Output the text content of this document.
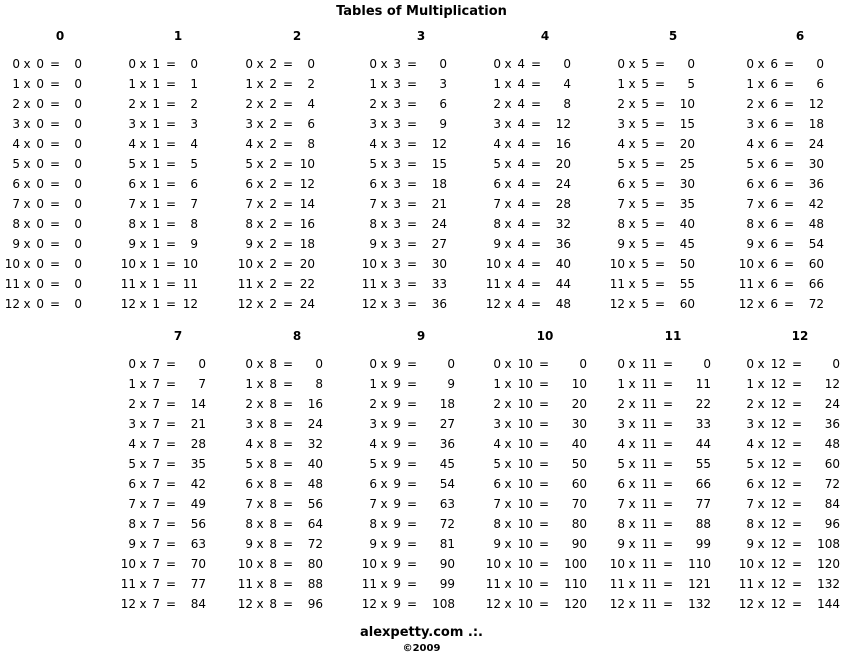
Tables of Multiplication
0
0 x 0 =	0
1 x 0 =	0
2 x 0 =	0
3 x 0 =	0
4 x 0 =	0
5 x 0 =	0
6 x 0 =	0
7 x 0 =	0
8 x 0 =	0
9 x 0 =	0
10 x 0 =	0
11 x 0 =	0
12 x 0 =	0
1
0 x 1 =	0
1 x 1 =	1
2 x 1 =	2
3 x 1 =	3
4 x 1 =	4
5 x 1 =	5
6 x 1 =	6
7 x 1 =	7
8 x 1 =	8
9 x 1 =	9
10 x 1 = 10
11 x 1 = 11
12 x 1 = 12
2
0 x 2 =	0
1 x 2 =	2
2 x 2 =	4
3 x 2 =	6
4 x 2 =	8
5 x 2 = 10
6 x 2 = 12
7 x 2 = 14
8 x 2 = 16
9 x 2 = 18
10 x 2 = 20
11 x 2 = 22
12 x 2 = 24
3
0 x 3 =	0
1 x 3 =	3
2 x 3 =	6
3 x 3 =	9
4 x 3 =	12
5 x 3 =	15
6 x 3 =	18
7 x 3 =	21
8 x 3 =	24
9 x 3 =	27
10 x 3 =	30
11 x 3 =	33
12 x 3 =	36
4
0 x 4 =	0
1 x 4 =	4
2 x 4 =	8
3 x 4 =	12
4 x 4 =	16
5 x 4 =	20
6 x 4 =	24
7 x 4 =	28
8 x 4 =	32
9 x 4 =	36
10 x 4 =	40
11 x 4 =	44
12 x 4 =	48
5
0 x 5 =	0
1 x 5 =	5
2 x 5 =	10
3 x 5 =	15
4 x 5 =	20
5 x 5 =	25
6 x 5 =	30
7 x 5 =	35
8 x 5 =	40
9 x 5 =	45
10 x 5 =	50
11 x 5 =	55
12 x 5 =	60
6
0 x 6 =	0
1 x 6 =	6
2 x 6 =	12
3 x 6 =	18
4 x 6 =	24
5 x 6 =	30
6 x 6 =	36
7 x 6 =	42
8 x 6 =	48
9 x 6 =	54
10 x 6 =	60
11 x 6 =	66
12 x 6 =	72
7
0 x 7 =	0
1 x 7 =	7
2 x 7 =	14
3 x 7 =	21
4 x 7 =	28
5 x 7 =	35
6 x 7 =	42
7 x 7 =	49
8 x 7 =	56
9 x 7 =	63
10 x 7 =	70
11 x 7 =	77
12 x 7 =	84
8
0 x 8 =	0
1 x 8 =	8
2 x 8 =	16
3 x 8 =	24
4 x 8 =	32
5 x 8 =	40
6 x 8 =	48
7 x 8 =	56
8 x 8 =	64
9 x 8 =	72
10 x 8 =	80
11 x 8 =	88
12 x 8 =	96
9
0 x 9 =	0
1 x 9 =	9
2 x 9 =	18
3 x 9 =	27
4 x 9 =	36
5 x 9 =	45
6 x 9 =	54
7 x 9 =	63
8 x 9 =	72
9 x 9 =	81
10 x 9 =	90
11 x 9 =	99
12 x 9 =	108
10
0 x 10 =	0
1 x 10 =	10
2 x 10 =	20
3 x 10 =	30
4 x 10 =	40
5 x 10 =	50
6 x 10 =	60
7 x 10 =	70
8 x 10 =	80
9 x 10 =	90
10 x 10 =	100
11 x 10 =	110
12 x 10 =	120
11
0 x 11 =	0
1 x 11 =	11
2 x 11 =	22
3 x 11 =	33
4 x 11 =	44
5 x 11 =	55
6 x 11 =	66
7 x 11 =	77
8 x 11 =	88
9 x 11 =	99
10 x 11 =	110
11 x 11 =	121
12 x 11 =	132
12
0 x 12 =	0
1 x 12 =	12
2 x 12 =	24
3 x 12 =	36
4 x 12 =	48
5 x 12 =	60
6 x 12 =	72
7 x 12 =	84
8 x 12 =	96
9 x 12 =	108
10 x 12 =	120
11 x 12 =	132
12 x 12 =	144
alexpetty.com .:.
©2009
